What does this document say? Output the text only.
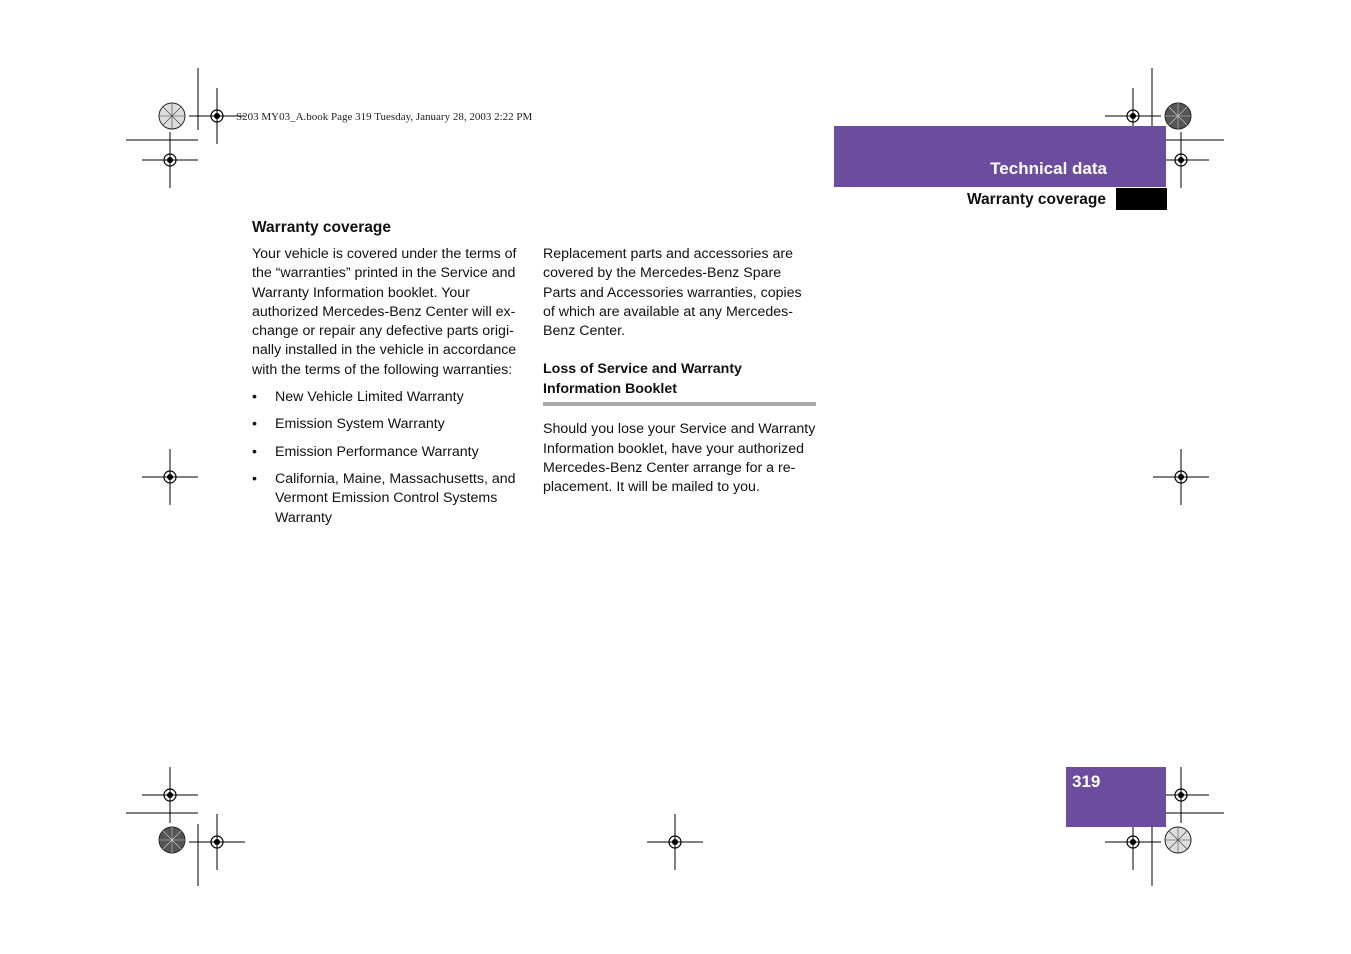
S203 MY03_A.book Page 319 Tuesday, January 28, 2003 2:22 PM
Technical data
Warranty coverage
Warranty coverage

Your vehicle is covered under the terms of the “warranties” printed in the Service and Warranty Information booklet. Your authorized Mercedes-Benz Center will exchange or repair any defective parts originally installed in the vehicle in accordance with the terms of the following warranties:

• New Vehicle Limited Warranty
• Emission System Warranty
• Emission Performance Warranty
• California, Maine, Massachusetts, and Vermont Emission Control Systems Warranty

Replacement parts and accessories are covered by the Mercedes-Benz Spare Parts and Accessories warranties, copies of which are available at any Mercedes-Benz Center.

Loss of Service and Warranty Information Booklet

Should you lose your Service and Warranty Information booklet, have your authorized Mercedes-Benz Center arrange for a replacement. It will be mailed to you.

319
